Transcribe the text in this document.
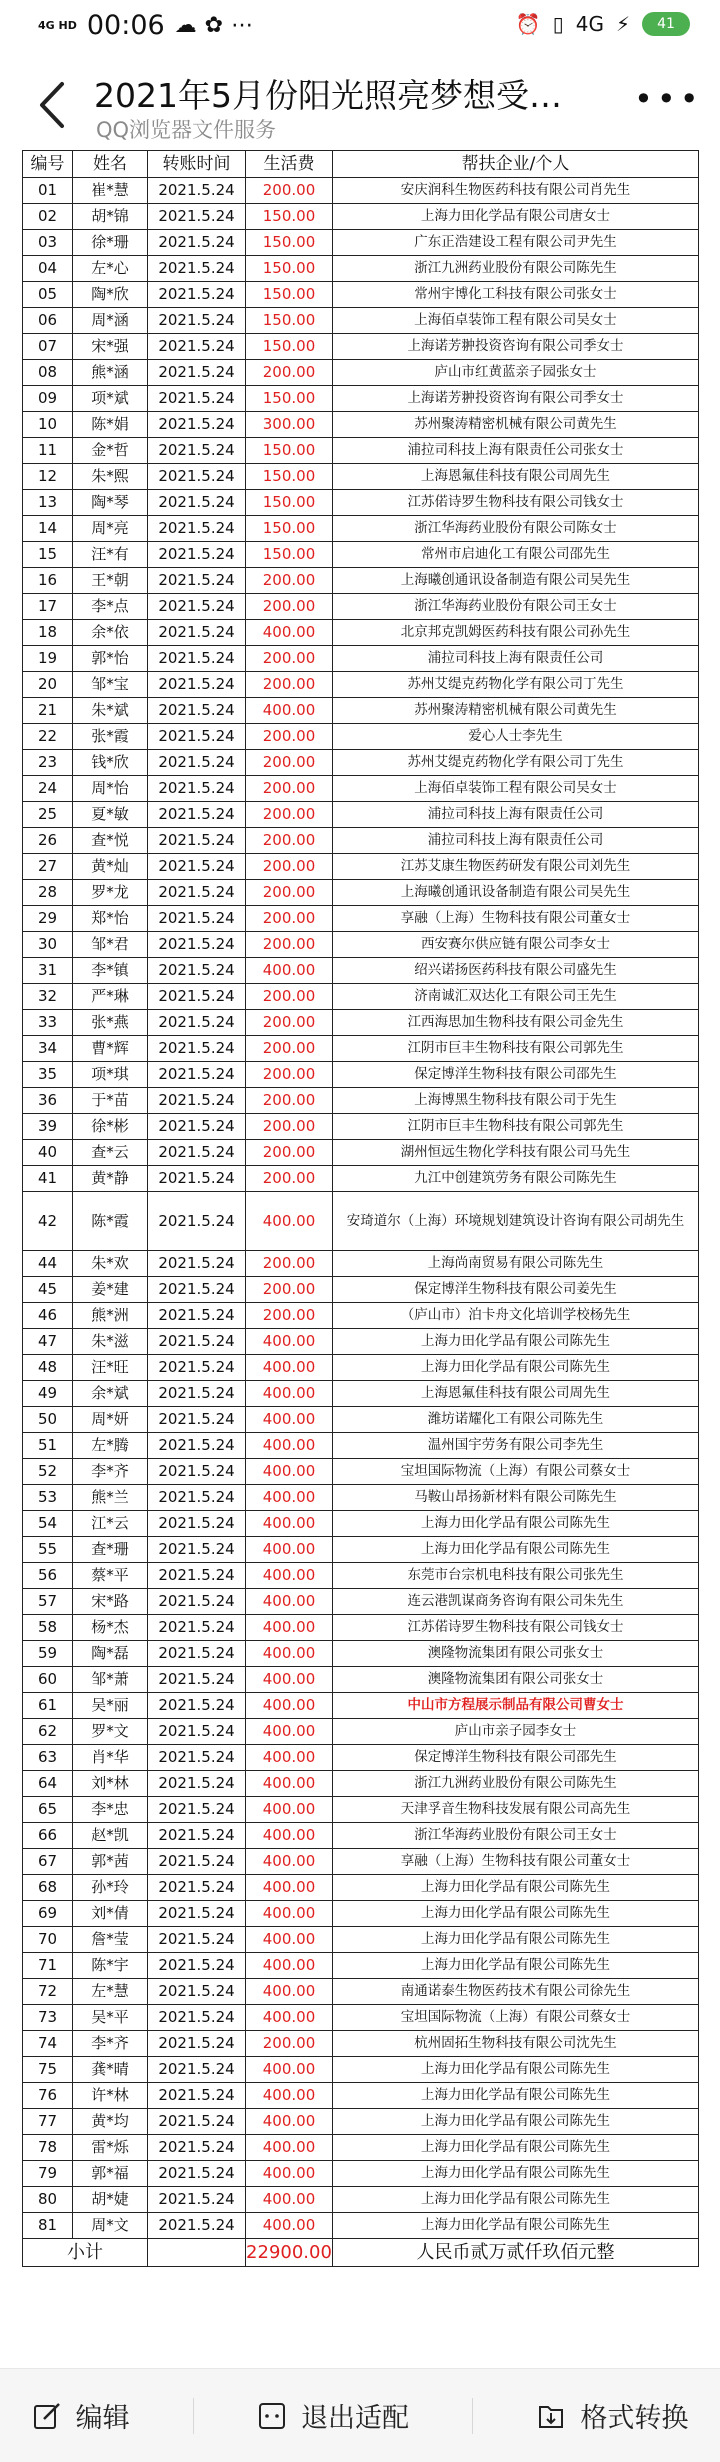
4G HD 00:06 ☁ ✿ ⋯	⏰ ▯ 4G ⚡	41
2021年5月份阳光照亮梦想受…
QQ浏览器文件服务
•••
编号	姓名	转账时间	生活费	帮扶企业/个人
01	崔*慧	2021.5.24	200.00	安庆润科生物医药科技有限公司肖先生
02	胡*锦	2021.5.24	150.00	上海力田化学品有限公司唐女士
03	徐*珊	2021.5.24	150.00	广东正浩建设工程有限公司尹先生
04	左*心	2021.5.24	150.00	浙江九洲药业股份有限公司陈先生
05	陶*欣	2021.5.24	150.00	常州宇博化工科技有限公司张女士
06	周*涵	2021.5.24	150.00	上海佰卓装饰工程有限公司吴女士
07	宋*强	2021.5.24	150.00	上海诺芳翀投资咨询有限公司季女士
08	熊*涵	2021.5.24	200.00	庐山市红黄蓝亲子园张女士
09	项*斌	2021.5.24	150.00	上海诺芳翀投资咨询有限公司季女士
10	陈*娟	2021.5.24	300.00	苏州聚涛精密机械有限公司黄先生
11	金*哲	2021.5.24	150.00	浦拉司科技上海有限责任公司张女士
12	朱*熙	2021.5.24	150.00	上海恩氟佳科技有限公司周先生
13	陶*琴	2021.5.24	150.00	江苏偌诗罗生物科技有限公司钱女士
14	周*亮	2021.5.24	150.00	浙江华海药业股份有限公司陈女士
15	汪*有	2021.5.24	150.00	常州市启迪化工有限公司邵先生
16	王*朝	2021.5.24	200.00	上海曦创通讯设备制造有限公司吴先生
17	李*点	2021.5.24	200.00	浙江华海药业股份有限公司王女士
18	余*依	2021.5.24	400.00	北京邦克凯姆医药科技有限公司孙先生
19	郭*怡	2021.5.24	200.00	浦拉司科技上海有限责任公司
20	邹*宝	2021.5.24	200.00	苏州艾缇克药物化学有限公司丁先生
21	朱*斌	2021.5.24	400.00	苏州聚涛精密机械有限公司黄先生
22	张*霞	2021.5.24	200.00	爱心人士李先生
23	钱*欣	2021.5.24	200.00	苏州艾缇克药物化学有限公司丁先生
24	周*怡	2021.5.24	200.00	上海佰卓装饰工程有限公司吴女士
25	夏*敏	2021.5.24	200.00	浦拉司科技上海有限责任公司
26	查*悦	2021.5.24	200.00	浦拉司科技上海有限责任公司
27	黄*灿	2021.5.24	200.00	江苏艾康生物医药研发有限公司刘先生
28	罗*龙	2021.5.24	200.00	上海曦创通讯设备制造有限公司吴先生
29	郑*怡	2021.5.24	200.00	享融（上海）生物科技有限公司董女士
30	邹*君	2021.5.24	200.00	西安赛尔供应链有限公司李女士
31	李*镇	2021.5.24	400.00	绍兴诺扬医药科技有限公司盛先生
32	严*琳	2021.5.24	200.00	济南诚汇双达化工有限公司王先生
33	张*燕	2021.5.24	200.00	江西海思加生物科技有限公司金先生
34	曹*辉	2021.5.24	200.00	江阴市巨丰生物科技有限公司郭先生
35	项*琪	2021.5.24	200.00	保定博洋生物科技有限公司邵先生
36	于*苗	2021.5.24	200.00	上海博黑生物科技有限公司于先生
39	徐*彬	2021.5.24	200.00	江阴市巨丰生物科技有限公司郭先生
40	查*云	2021.5.24	200.00	湖州恒远生物化学科技有限公司马先生
41	黄*静	2021.5.24	200.00	九江中创建筑劳务有限公司陈先生
42	陈*霞	2021.5.24	400.00	安琦道尔（上海）环境规划建筑设计咨询有限公司胡先生
44	朱*欢	2021.5.24	200.00	上海尚南贸易有限公司陈先生
45	姜*建	2021.5.24	200.00	保定博洋生物科技有限公司姜先生
46	熊*洲	2021.5.24	200.00	（庐山市）泊卡舟文化培训学校杨先生
47	朱*滋	2021.5.24	400.00	上海力田化学品有限公司陈先生
48	汪*旺	2021.5.24	400.00	上海力田化学品有限公司陈先生
49	余*斌	2021.5.24	400.00	上海恩氟佳科技有限公司周先生
50	周*妍	2021.5.24	400.00	潍坊诺耀化工有限公司陈先生
51	左*腾	2021.5.24	400.00	温州国宇劳务有限公司李先生
52	李*齐	2021.5.24	400.00	宝坦国际物流（上海）有限公司蔡女士
53	熊*兰	2021.5.24	400.00	马鞍山昂扬新材料有限公司陈先生
54	江*云	2021.5.24	400.00	上海力田化学品有限公司陈先生
55	查*珊	2021.5.24	400.00	上海力田化学品有限公司陈先生
56	蔡*平	2021.5.24	400.00	东莞市台宗机电科技有限公司张先生
57	宋*路	2021.5.24	400.00	连云港凯谋商务咨询有限公司朱先生
58	杨*杰	2021.5.24	400.00	江苏偌诗罗生物科技有限公司钱女士
59	陶*磊	2021.5.24	400.00	澳隆物流集团有限公司张女士
60	邹*萧	2021.5.24	400.00	澳隆物流集团有限公司张女士
61	吴*丽	2021.5.24	400.00	中山市方程展示制品有限公司曹女士
62	罗*文	2021.5.24	400.00	庐山市亲子园李女士
63	肖*华	2021.5.24	400.00	保定博洋生物科技有限公司邵先生
64	刘*林	2021.5.24	400.00	浙江九洲药业股份有限公司陈先生
65	李*忠	2021.5.24	400.00	天津孚音生物科技发展有限公司高先生
66	赵*凯	2021.5.24	400.00	浙江华海药业股份有限公司王女士
67	郭*茜	2021.5.24	400.00	享融（上海）生物科技有限公司董女士
68	孙*玲	2021.5.24	400.00	上海力田化学品有限公司陈先生
69	刘*倩	2021.5.24	400.00	上海力田化学品有限公司陈先生
70	詹*莹	2021.5.24	400.00	上海力田化学品有限公司陈先生
71	陈*宇	2021.5.24	400.00	上海力田化学品有限公司陈先生
72	左*慧	2021.5.24	400.00	南通诺泰生物医药技术有限公司徐先生
73	吴*平	2021.5.24	400.00	宝坦国际物流（上海）有限公司蔡女士
74	李*齐	2021.5.24	200.00	杭州固拓生物科技有限公司沈先生
75	龚*晴	2021.5.24	400.00	上海力田化学品有限公司陈先生
76	许*林	2021.5.24	400.00	上海力田化学品有限公司陈先生
77	黄*均	2021.5.24	400.00	上海力田化学品有限公司陈先生
78	雷*烁	2021.5.24	400.00	上海力田化学品有限公司陈先生
79	郭*福	2021.5.24	400.00	上海力田化学品有限公司陈先生
80	胡*婕	2021.5.24	400.00	上海力田化学品有限公司陈先生
81	周*文	2021.5.24	400.00	上海力田化学品有限公司陈先生
小计			22900.00	人民币贰万贰仟玖佰元整
编辑	退出适配	格式转换
